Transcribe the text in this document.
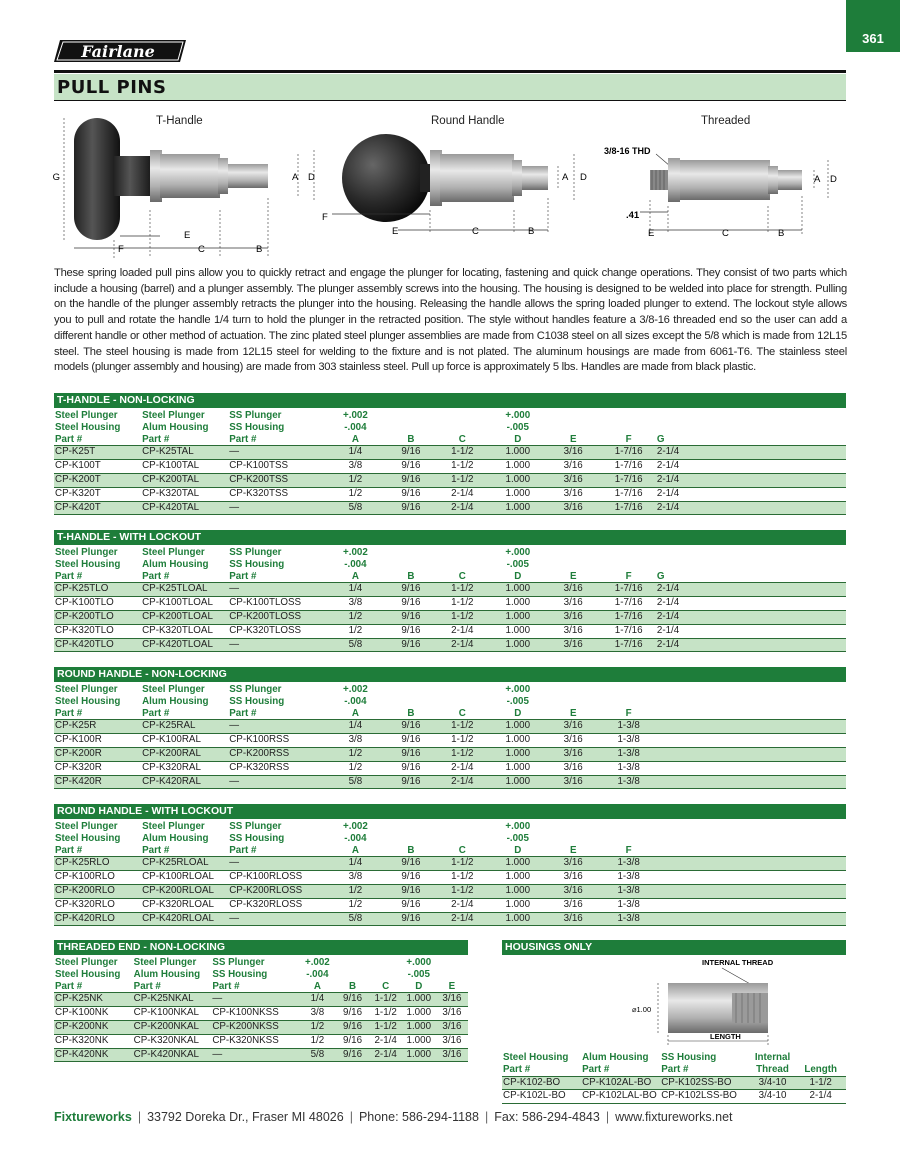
361
Fairlane
PULL PINS
T-Handle	Round Handle	Threaded
G	A D
F
E
C	B
F
A D
E	C	B
3/8-16 THD
.41
A D
E	C	B
These spring loaded pull pins allow you to quickly retract and engage the plunger for locating, fastening and quick change operations. They consist of two parts which include a housing (barrel) and a plunger assembly. The plunger assembly screws into the housing. The housing is designed to be welded into place for strength. Pulling on the handle of the plunger assembly retracts the plunger into the housing. Releasing the handle allows the spring loaded plunger to extend. The lockout style allows you to pull and rotate the handle 1/4 turn to hold the plunger in the retracted position. The style without handles feature a 3/8-16 threaded end so the user can add a different handle or other method of actuation. The zinc plated steel plunger assemblies are made from C1038 steel on all sizes except the 5/8 which is made from 12L15 steel. The steel housing is made from 12L15 steel for welding to the fixture and is not plated. The aluminum housings are made from 6061-T6. The stainless steel models (plunger assembly and housing) are made from 303 stainless steel. Pull up force is approximately 5 lbs. Handles are made from black plastic.
T-HANDLE - NON-LOCKING
Steel Plunger	Steel Plunger	SS Plunger	+.002			+.000			
Steel Housing	Alum Housing	SS Housing	-.004			-.005			
Part #	Part #	Part #	A	B	C	D	E	F	G
CP-K25T	CP-K25TAL	—	1/4	9/16	1-1/2	1.000	3/16	1-7/16	2-1/4
CP-K100T	CP-K100TAL	CP-K100TSS	3/8	9/16	1-1/2	1.000	3/16	1-7/16	2-1/4
CP-K200T	CP-K200TAL	CP-K200TSS	1/2	9/16	1-1/2	1.000	3/16	1-7/16	2-1/4
CP-K320T	CP-K320TAL	CP-K320TSS	1/2	9/16	2-1/4	1.000	3/16	1-7/16	2-1/4
CP-K420T	CP-K420TAL	—	5/8	9/16	2-1/4	1.000	3/16	1-7/16	2-1/4
T-HANDLE - WITH LOCKOUT
Steel Plunger	Steel Plunger	SS Plunger	+.002			+.000			
Steel Housing	Alum Housing	SS Housing	-.004			-.005			
Part #	Part #	Part #	A	B	C	D	E	F	G
CP-K25TLO	CP-K25TLOAL	—	1/4	9/16	1-1/2	1.000	3/16	1-7/16	2-1/4
CP-K100TLO	CP-K100TLOAL	CP-K100TLOSS	3/8	9/16	1-1/2	1.000	3/16	1-7/16	2-1/4
CP-K200TLO	CP-K200TLOAL	CP-K200TLOSS	1/2	9/16	1-1/2	1.000	3/16	1-7/16	2-1/4
CP-K320TLO	CP-K320TLOAL	CP-K320TLOSS	1/2	9/16	2-1/4	1.000	3/16	1-7/16	2-1/4
CP-K420TLO	CP-K420TLOAL	—	5/8	9/16	2-1/4	1.000	3/16	1-7/16	2-1/4
ROUND HANDLE - NON-LOCKING
Steel Plunger	Steel Plunger	SS Plunger	+.002			+.000			
Steel Housing	Alum Housing	SS Housing	-.004			-.005			
Part #	Part #	Part #	A	B	C	D	E	F	
CP-K25R	CP-K25RAL	—	1/4	9/16	1-1/2	1.000	3/16	1-3/8	
CP-K100R	CP-K100RAL	CP-K100RSS	3/8	9/16	1-1/2	1.000	3/16	1-3/8	
CP-K200R	CP-K200RAL	CP-K200RSS	1/2	9/16	1-1/2	1.000	3/16	1-3/8	
CP-K320R	CP-K320RAL	CP-K320RSS	1/2	9/16	2-1/4	1.000	3/16	1-3/8	
CP-K420R	CP-K420RAL	—	5/8	9/16	2-1/4	1.000	3/16	1-3/8	
ROUND HANDLE - WITH LOCKOUT
Steel Plunger	Steel Plunger	SS Plunger	+.002			+.000			
Steel Housing	Alum Housing	SS Housing	-.004			-.005			
Part #	Part #	Part #	A	B	C	D	E	F	
CP-K25RLO	CP-K25RLOAL	—	1/4	9/16	1-1/2	1.000	3/16	1-3/8	
CP-K100RLO	CP-K100RLOAL	CP-K100RLOSS	3/8	9/16	1-1/2	1.000	3/16	1-3/8	
CP-K200RLO	CP-K200RLOAL	CP-K200RLOSS	1/2	9/16	1-1/2	1.000	3/16	1-3/8	
CP-K320RLO	CP-K320RLOAL	CP-K320RLOSS	1/2	9/16	2-1/4	1.000	3/16	1-3/8	
CP-K420RLO	CP-K420RLOAL	—	5/8	9/16	2-1/4	1.000	3/16	1-3/8	
THREADED END - NON-LOCKING
Steel Plunger	Steel Plunger	SS Plunger	+.002			+.000	
Steel Housing	Alum Housing	SS Housing	-.004			-.005	
Part #	Part #	Part #	A	B	C	D	E
CP-K25NK	CP-K25NKAL	—	1/4	9/16	1-1/2	1.000	3/16
CP-K100NK	CP-K100NKAL	CP-K100NKSS	3/8	9/16	1-1/2	1.000	3/16
CP-K200NK	CP-K200NKAL	CP-K200NKSS	1/2	9/16	1-1/2	1.000	3/16
CP-K320NK	CP-K320NKAL	CP-K320NKSS	1/2	9/16	2-1/4	1.000	3/16
CP-K420NK	CP-K420NKAL	—	5/8	9/16	2-1/4	1.000	3/16
HOUSINGS ONLY
INTERNAL THREAD
⌀1.00
LENGTH
Steel Housing	Alum Housing	SS Housing	Internal	
Part #	Part #	Part #	Thread	Length
CP-K102-BO	CP-K102AL-BO	CP-K102SS-BO	3/4-10	1-1/2
CP-K102L-BO	CP-K102LAL-BO	CP-K102LSS-BO	3/4-10	2-1/4
Fixtureworks | 33792 Doreka Dr., Fraser MI 48026 | Phone: 586-294-1188 | Fax: 586-294-4843 | www.fixtureworks.net
